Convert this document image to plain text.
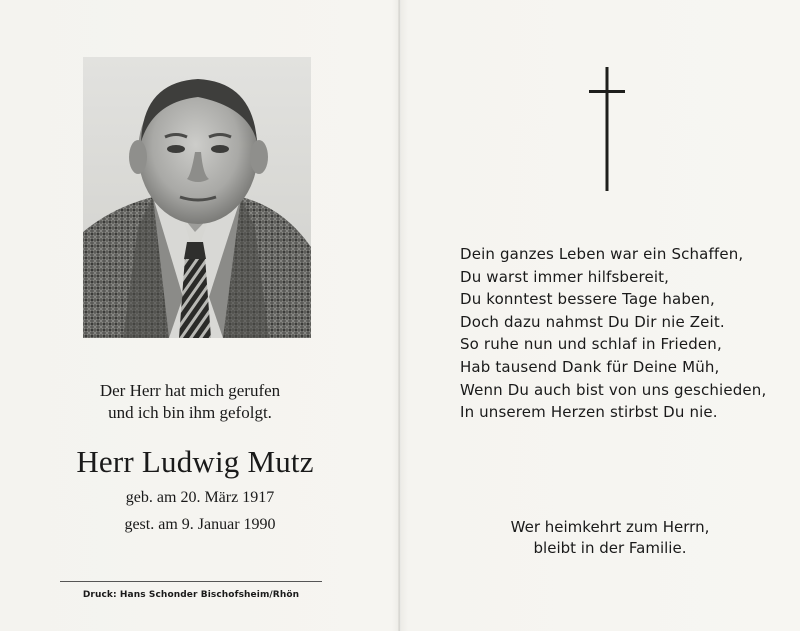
Der Herr hat mich gerufen
und ich bin ihm gefolgt.
Herr Ludwig Mutz
geb. am 20. März 1917
gest. am 9. Januar 1990
Druck: Hans Schonder Bischofsheim/Rhön
Dein ganzes Leben war ein Schaffen,
Du warst immer hilfsbereit,
Du konntest bessere Tage haben,
Doch dazu nahmst Du Dir nie Zeit.
So ruhe nun und schlaf in Frieden,
Hab tausend Dank für Deine Müh,
Wenn Du auch bist von uns geschieden,
In unserem Herzen stirbst Du nie.
Wer heimkehrt zum Herrn,
bleibt in der Familie.
